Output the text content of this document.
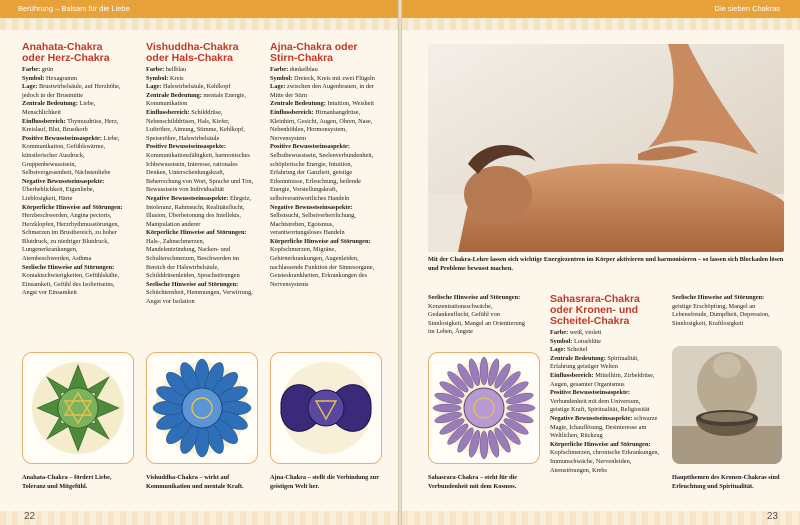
Berührung – Balsam für die Liebe
Anahata-Chakra oder Herz-Chakra

Farbe: grün

Symbol: Hexagramm

Lage: Brustwirbelsäule, auf Herzhöhe, jedoch in der Brustmitte

Zentrale Bedeutung: Liebe, Menschlichkeit

Einflussbereich: Thymusdrüse, Herz, Kreislauf, Blut, Brustkorb

Positive Bewusstseinsaspekte: Liebe, Kommunikation, Gefühlswärme, künstlerischer Ausdruck, Gruppenbewusstsein, Selbstvergessenheit, Nächstenliebe

Negative Bewusstseinsaspekte: Überheblichkeit, Eigenliebe, Lieblosigkeit, Härte

Körperliche Hinweise auf Störungen: Herzbeschwerden, Angina pectoris, Herzklopfen, Herzrhythmusstörungen, Schmerzen im Brustbereich, zu hoher Blutdruck, zu niedriger Blutdruck, Lungenerkrankungen, Atembeschwerden, Asthma

Seelische Hinweise auf Störungen: Kontaktschwierigkeiten, Gefühlskälte, Einsamkeit, Gefühl des Isoliertseins, Angst vor Einsamkeit

Vishuddha-Chakra oder Hals-Chakra

Farbe: hellblau

Symbol: Kreis

Lage: Halswirbelsäule, Kehlkopf

Zentrale Bedeutung: mentale Energie, Kommunikation

Einflussbereich: Schilddrüse, Nebenschilddrüsen, Hals, Kiefer, Luftröhre, Atmung, Stimme, Kehlkopf, Speiseröhre, Halswirbelsäule

Positive Bewusstseinsaspekte: Kommunikationsfähigkeit, harmonisches Ichbewusstsein, Interesse, rationales Denken, Unterscheidungskraft, Beherrschung von Wort, Sprache und Ton, Bewusstsein von Individualität

Negative Bewusstseinsaspekte: Ehrgeiz, Intoleranz, Rahmsucht, Realitätsflucht, Illusion, Überbetonung des Intellekts, Manipulation anderer

Körperliche Hinweise auf Störungen: Hals-, Zahnschmerzen, Mandelentzündung, Nacken- und Schulterschmerzen, Beschwerden im Bereich der Halswirbelsäule, Schilddrüsenleiden, Sprachstörungen

Seelische Hinweise auf Störungen: Schüchternheit, Hemmungen, Verwirrung, Angst vor Isolation

Ajna-Chakra oder Stirn-Chakra

Farbe: dunkelblau

Symbol: Dreieck, Kreis mit zwei Flügeln

Lage: zwischen den Augenbrauen, in der Mitte der Stirn

Zentrale Bedeutung: Intuition, Weisheit

Einflussbereich: Hirnanhangdrüse, Kleinhirn, Gesicht, Augen, Ohren, Nase, Nebenhöhlen, Hormonsystem, Nervensystem

Positive Bewusstseinsaspekte: Selbstbewusstsein, Seelenverbundenheit, schöpferische Energie, Intuition, Erfahrung der Ganzheit, geistige Erkenntnisse, Erleuchtung, heilende Energie, Vorstellungskraft, selbstverantwortliches Handeln

Negative Bewusstseinsaspekte: Selbstsucht, Selbstverherrlichung, Machtstreben, Egoismus, verantwortungsloses Handeln

Körperliche Hinweise auf Störungen: Kopfschmerzen, Migräne, Gehirnerkrankungen, Augenleiden, nachlassende Funktion der Sinnesorgane, Geisteskrankheiten, Erkrankungen des Nervensystems

Anahata-Chakra – fördert Liebe, Toleranz und Mitgefühl.
Vishuddha-Chakra – wirkt auf Kommunikation und mentale Kraft.
Ajna-Chakra – stellt die Verbindung zur geistigen Welt her.
22
Die sieben Chakras
Mit der Chakra-Lehre lassen sich wichtige Energiezentren im Körper aktivieren und harmonisieren – so lassen sich Blockaden lösen und Probleme bewusst machen.

Seelische Hinweise auf Störungen: Konzentrationsschwäche, Gedankenflucht, Gefühl von Sinnlosigkeit, Mangel an Orientierung im Leben, Ängste

Sahasrara-Chakra – steht für die Verbundenheit mit dem Kosmos.
Sahasrara-Chakra oder Kronen- und Scheitel-Chakra

Farbe: weiß, violett

Symbol: Lotusblüte

Lage: Scheitel

Zentrale Bedeutung: Spiritualität, Erfahrung geistiger Welten

Einflussbereich: Mittelhirn, Zirbeldrüse, Augen, gesamter Organismus

Positive Bewusstseinsaspekte: Verbundenheit mit dem Universum, geistige Kraft, Spiritualität, Religiosität

Negative Bewusstseinsaspekte: schwarze Magie, Ichauflösung, Desinteresse am Weltlichen, Rückzug

Körperliche Hinweise auf Störungen: Kopfschmerzen, chronische Erkrankungen, Immunschwäche, Nervenleiden, Atemstörungen, Krebs

Seelische Hinweise auf Störungen: geistige Erschöpfung, Mangel an Lebensfreude, Dumpfheit, Depression, Sinnlosigkeit, Kraftlosigkeit

Hauptthemen des Kronen-Chakras sind Erleuchtung und Spiritualität.
23
